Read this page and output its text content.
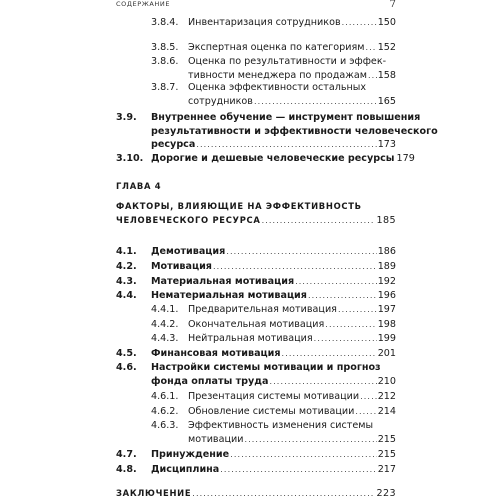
СОДЕРЖАНИЕ	7
3.8.4. Инвентаризация сотрудников .....	150
3.8.5. Экспертная оценка по категориям ..... 152
3.8.6. Оценка по результативности и эффек-
тивности менеджера по продажам ..... 158
3.8.7. Оценка эффективности остальных
сотрудников .....	165
3.9. Внутреннее обучение — инструмент повышения
результативности и эффективности человеческого
ресурса .....	173
3.10. Дорогие и дешевые человеческие ресурсы 179
ГЛАВА 4
ФАКТОРЫ, ВЛИЯЮЩИЕ НА ЭФФЕКТИВНОСТЬ
ЧЕЛОВЕЧЕСКОГО РЕСУРСА .....	185
4.1. Демотивация .....	186
4.2. Мотивация .....	189
4.3. Материальная мотивация .....	192
4.4. Нематериальная мотивация .....	196
4.4.1. Предварительная мотивация .....	197
4.4.2. Окончательная мотивация .....	198
4.4.3. Нейтральная мотивация .....	199
4.5. Финансовая мотивация .....	201
4.6. Настройки системы мотивации и прогноз
фонда оплаты труда .....	210
4.6.1. Презентация системы мотивации ..... 212
4.6.2. Обновление системы мотивации ..... 214
4.6.3. Эффективность изменения системы
мотивации .....	215
4.7. Принуждение .....	215
4.8. Дисциплина .....	217
ЗАКЛЮЧЕНИЕ .....	223
